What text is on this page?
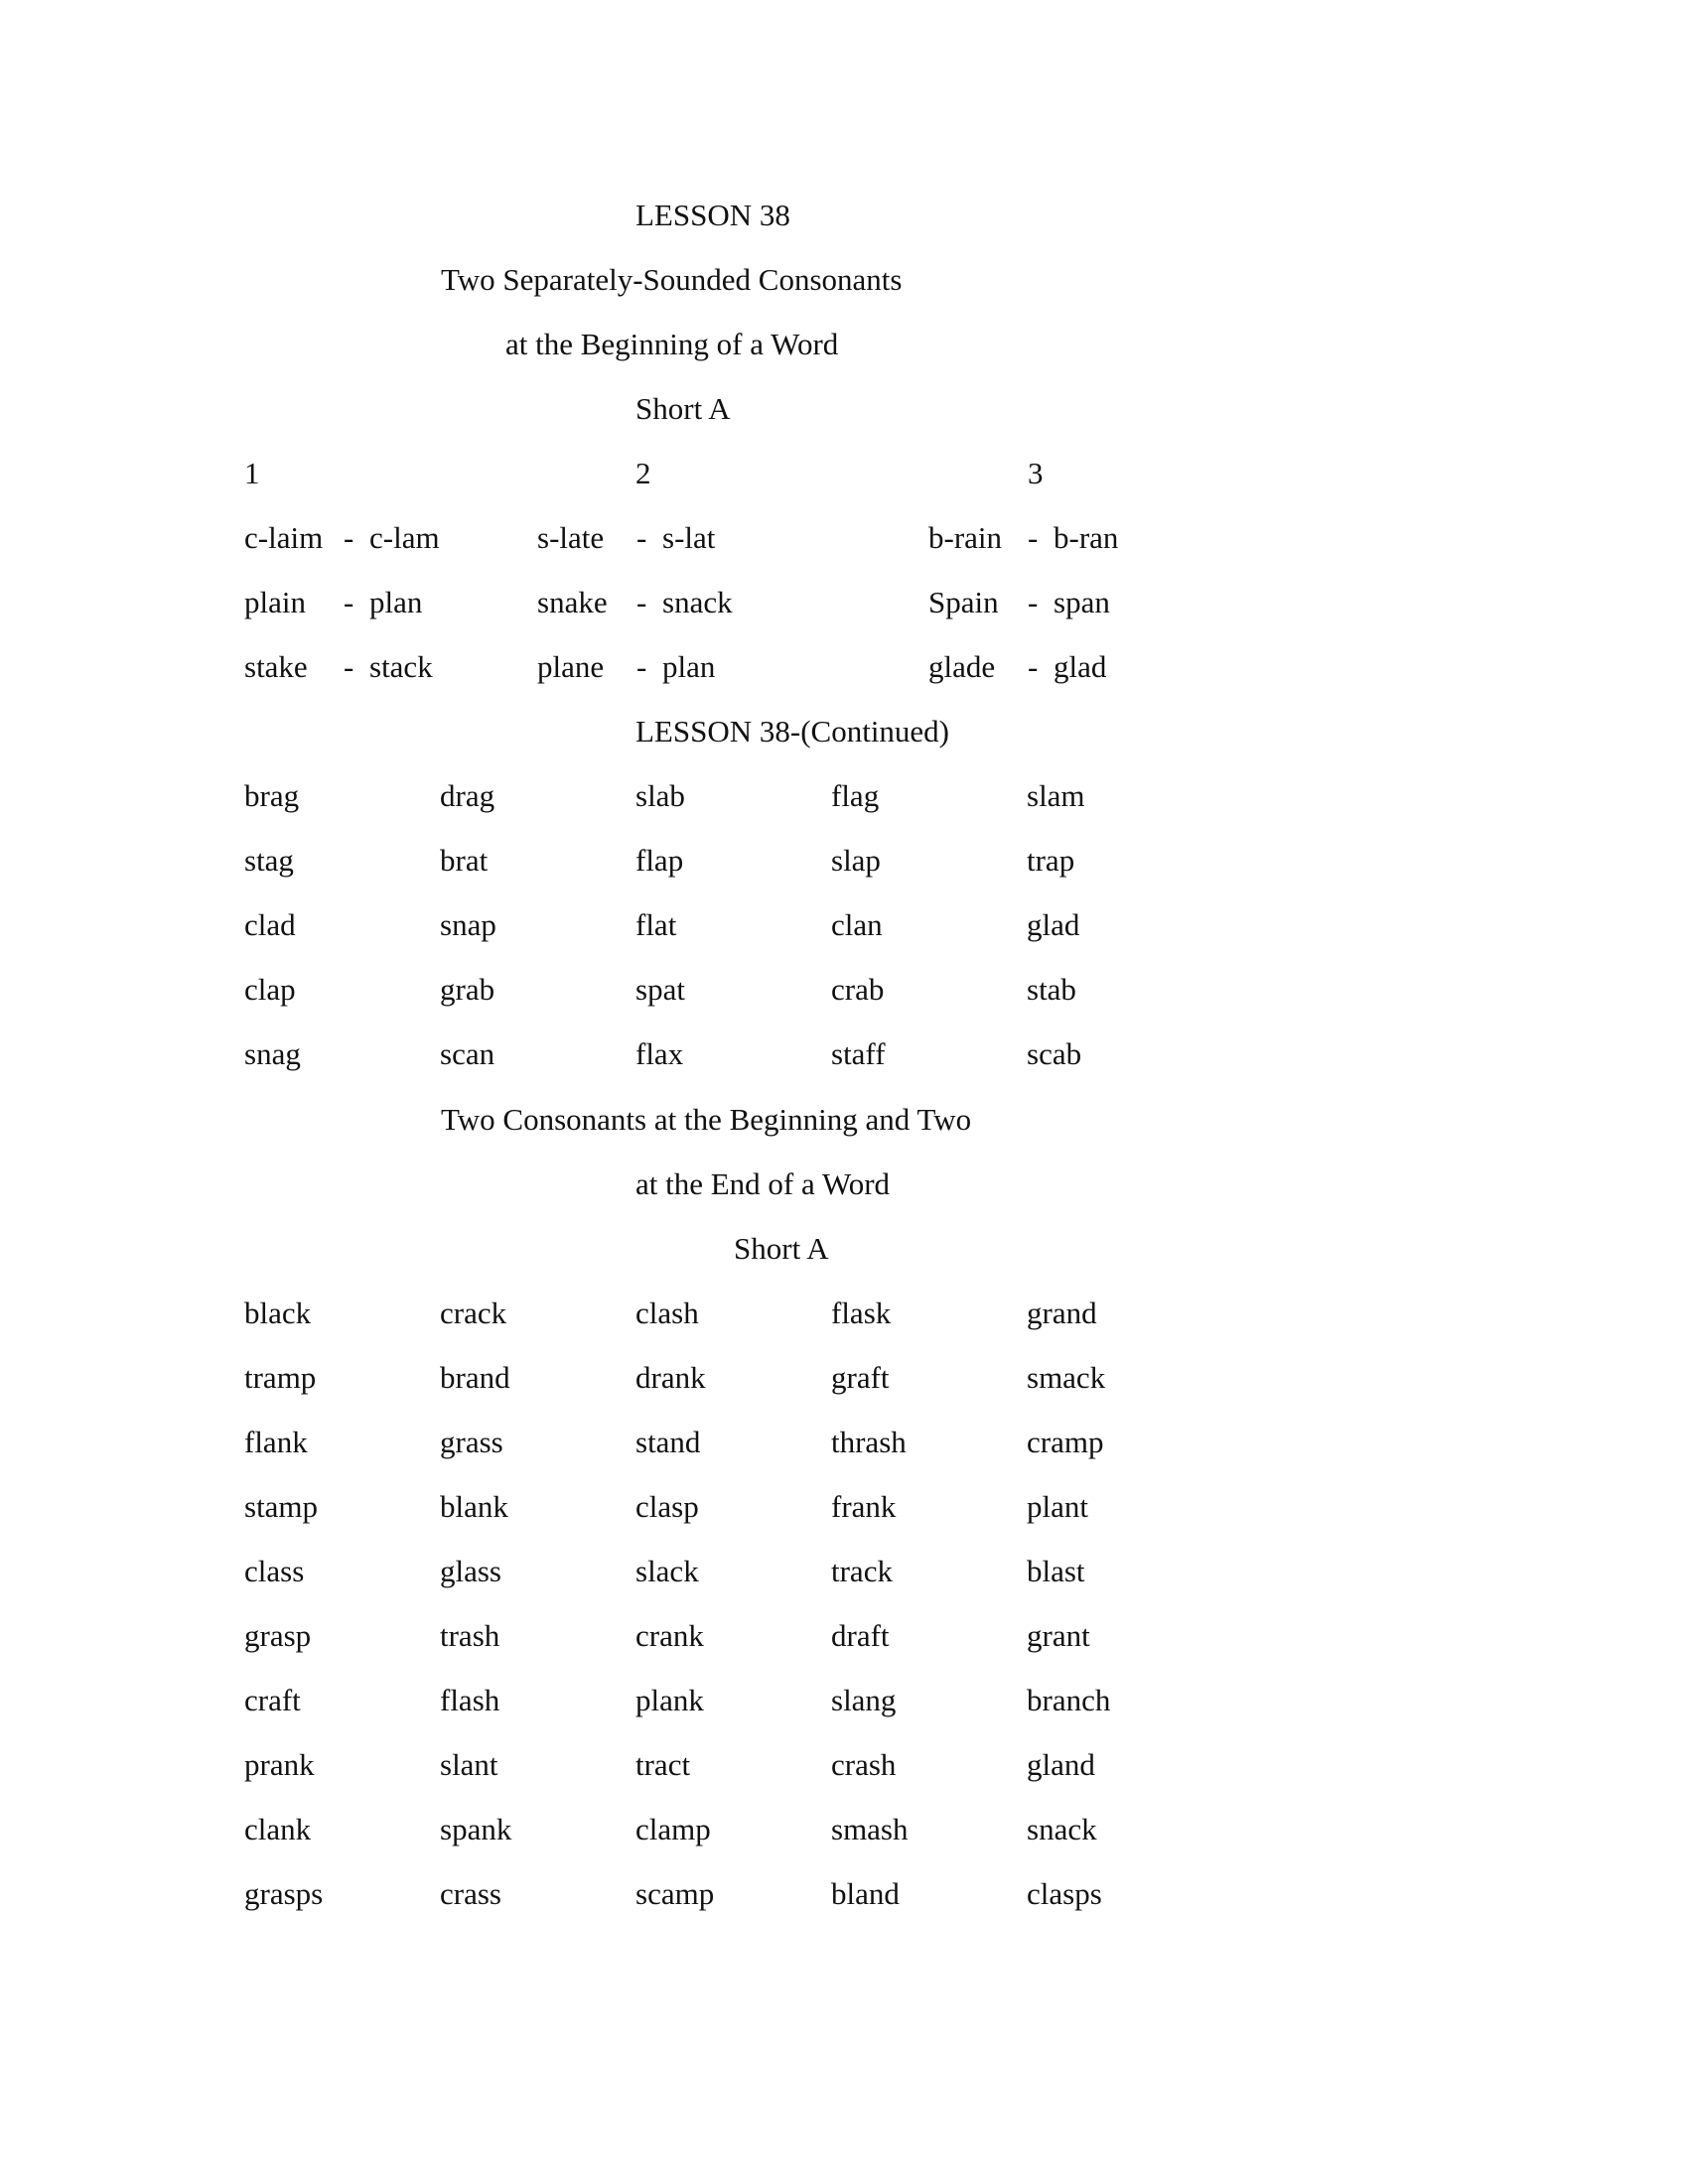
LESSON 38
Two Separately-Sounded Consonants
at the Beginning of a Word
Short A
1	2	3
c-laim - c-lam	s-late - s-lat	b-rain - b-ran
plain - plan	snake - snack	Spain - span
stake - stack	plane - plan	glade - glad
LESSON 38-(Continued)
brag	drag	slab	flag	slam
stag	brat	flap	slap	trap
clad	snap	flat	clan	glad
clap	grab	spat	crab	stab
snag	scan	flax	staff	scab
Two Consonants at the Beginning and Two
at the End of a Word
Short A
black	crack	clash	flask	grand
tramp	brand	drank	graft	smack
flank	grass	stand	thrash	cramp
stamp	blank	clasp	frank	plant
class	glass	slack	track	blast
grasp	trash	crank	draft	grant
craft	flash	plank	slang	branch
prank	slant	tract	crash	gland
clank	spank	clamp	smash	snack
grasps	crass	scamp	bland	clasps
